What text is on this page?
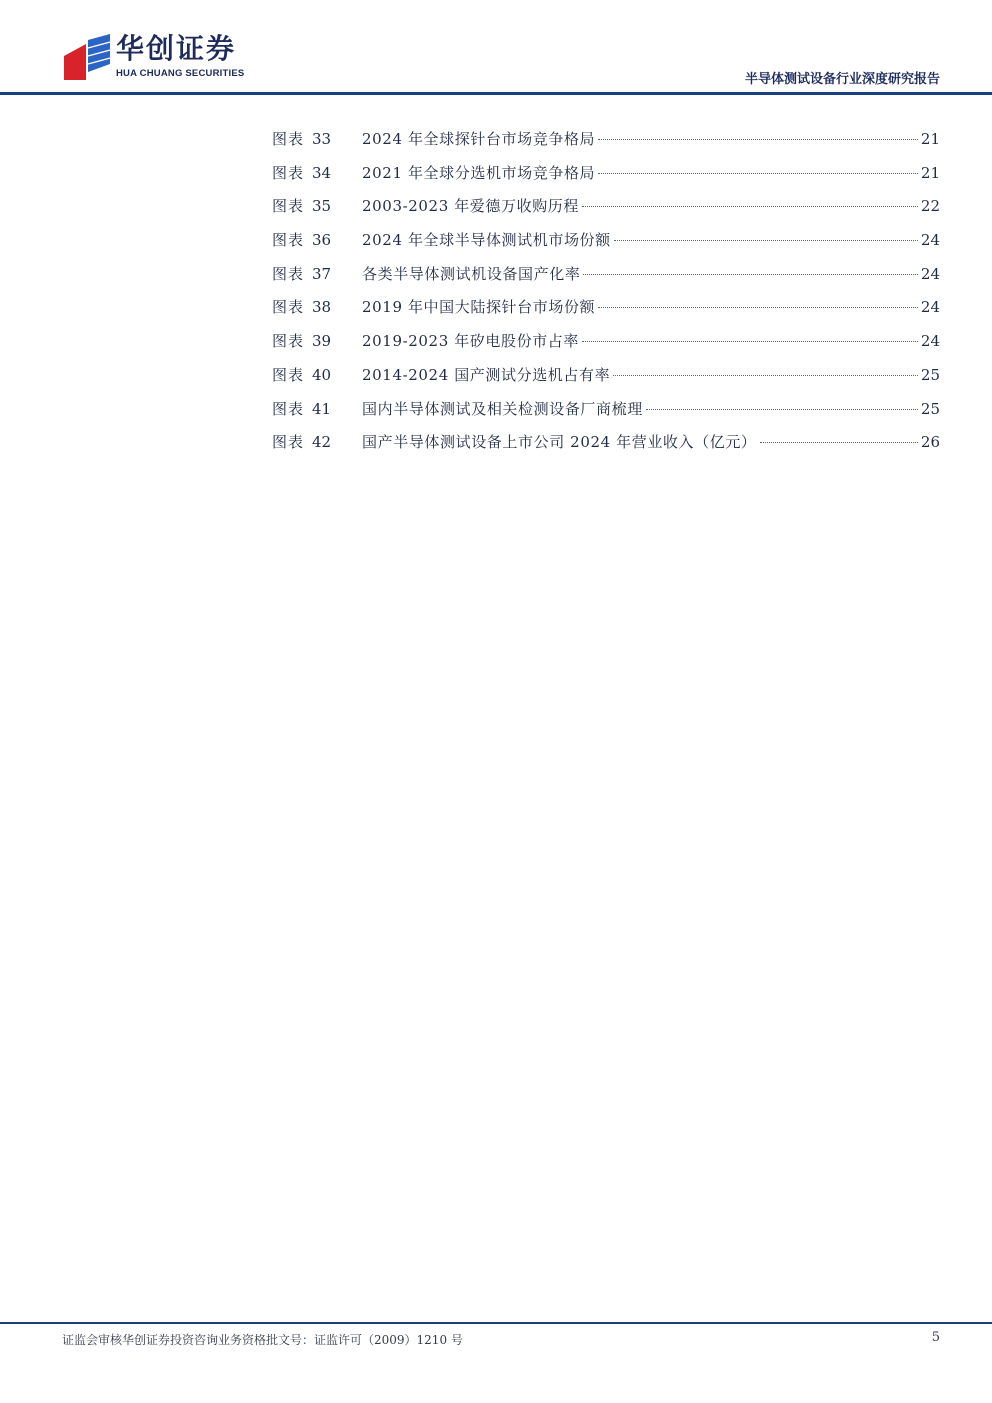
华创证券
HUA CHUANG SECURITIES	半导体测试设备行业深度研究报告
图表 33	2024 年全球探针台市场竞争格局	21
图表 34	2021 年全球分选机市场竞争格局	21
图表 35	2003-2023 年爱德万收购历程	22
图表 36	2024 年全球半导体测试机市场份额	24
图表 37	各类半导体测试机设备国产化率	24
图表 38	2019 年中国大陆探针台市场份额	24
图表 39	2019-2023 年矽电股份市占率	24
图表 40	2014-2024 国产测试分选机占有率	25
图表 41	国内半导体测试及相关检测设备厂商梳理	25
图表 42	国产半导体测试设备上市公司 2024 年营业收入（亿元）	26
证监会审核华创证券投资咨询业务资格批文号：证监许可（2009）1210 号	5
